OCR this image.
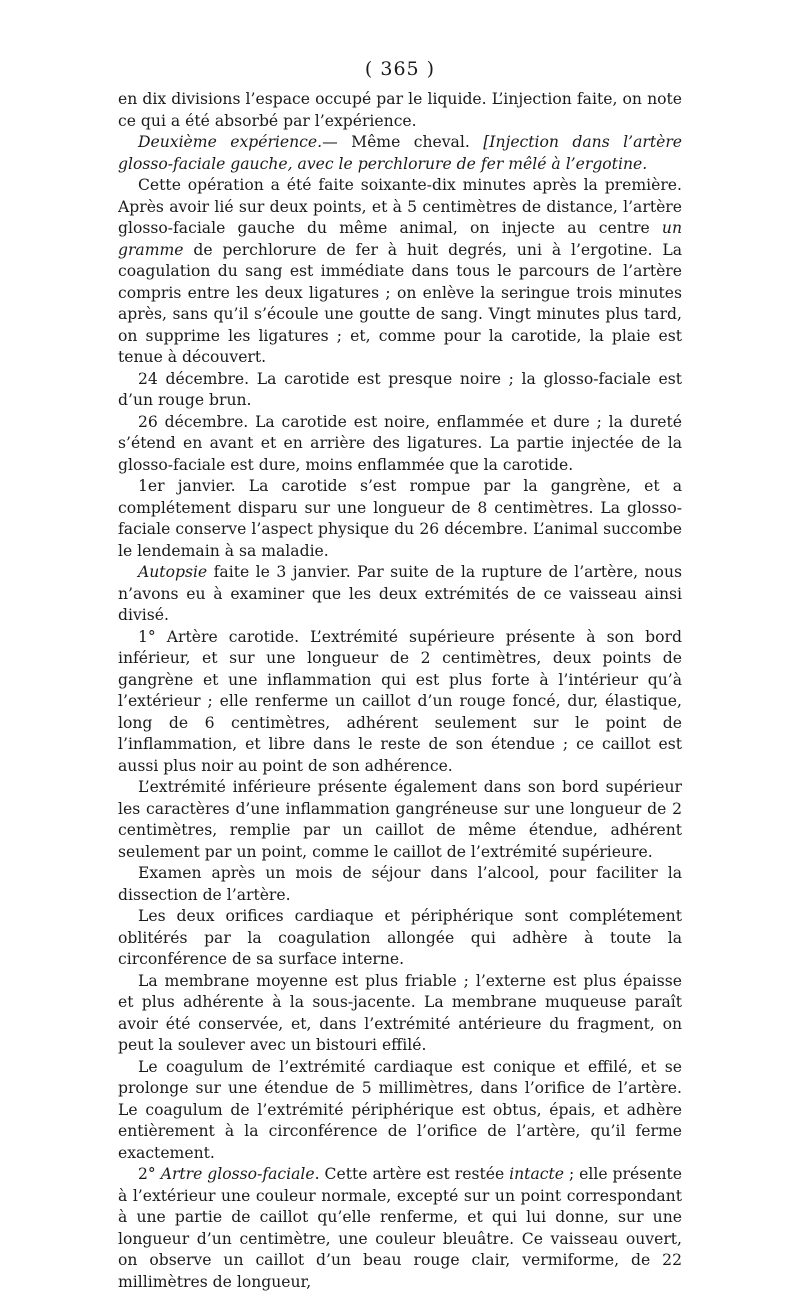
( 365 )

en dix divisions l’espace occupé par le liquide. L’injection faite, on note ce qui a été absorbé par l’expérience.

Deuxième expérience.— Même cheval. [Injection dans l’artère glosso-faciale gauche, avec le perchlorure de fer mêlé à l’ergotine.

Cette opération a été faite soixante-dix minutes après la première. Après avoir lié sur deux points, et à 5 centimètres de distance, l’artère glosso-faciale gauche du même animal, on injecte au centre un gramme de perchlorure de fer à huit degrés, uni à l’ergotine. La coagulation du sang est immédiate dans tous le parcours de l’artère compris entre les deux ligatures ; on enlève la seringue trois minutes après, sans qu’il s’écoule une goutte de sang. Vingt minutes plus tard, on supprime les ligatures ; et, comme pour la carotide, la plaie est tenue à découvert.

24 décembre. La carotide est presque noire ; la glosso-faciale est d’un rouge brun.

26 décembre. La carotide est noire, enflammée et dure ; la dureté s’étend en avant et en arrière des ligatures. La partie injectée de la glosso-faciale est dure, moins enflammée que la carotide.

1er janvier. La carotide s’est rompue par la gangrène, et a complétement disparu sur une longueur de 8 centimètres. La glosso-faciale conserve l’aspect physique du 26 décembre. L’animal succombe le lendemain à sa maladie.

Autopsie faite le 3 janvier. Par suite de la rupture de l’artère, nous n’avons eu à examiner que les deux extrémités de ce vaisseau ainsi divisé.

1° Artère carotide. L’extrémité supérieure présente à son bord inférieur, et sur une longueur de 2 centimètres, deux points de gangrène et une inflammation qui est plus forte à l’intérieur qu’à l’extérieur ; elle renferme un caillot d’un rouge foncé, dur, élastique, long de 6 centimètres, adhérent seulement sur le point de l’inflammation, et libre dans le reste de son étendue ; ce caillot est aussi plus noir au point de son adhérence.

L’extrémité inférieure présente également dans son bord supérieur les caractères d’une inflammation gangréneuse sur une longueur de 2 centimètres, remplie par un caillot de même étendue, adhérent seulement par un point, comme le caillot de l’extrémité supérieure.

Examen après un mois de séjour dans l’alcool, pour faciliter la dissection de l’artère.

Les deux orifices cardiaque et périphérique sont complétement oblitérés par la coagulation allongée qui adhère à toute la circonférence de sa surface interne.

La membrane moyenne est plus friable ; l’externe est plus épaisse et plus adhérente à la sous-jacente. La membrane muqueuse paraît avoir été conservée, et, dans l’extrémité antérieure du fragment, on peut la soulever avec un bistouri effilé.

Le coagulum de l’extrémité cardiaque est conique et effilé, et se prolonge sur une étendue de 5 millimètres, dans l’orifice de l’artère. Le coagulum de l’extrémité périphérique est obtus, épais, et adhère entièrement à la circonférence de l’orifice de l’artère, qu’il ferme exactement.

2° Artre glosso-faciale. Cette artère est restée intacte ; elle présente à l’extérieur une couleur normale, excepté sur un point correspondant à une partie de caillot qu’elle renferme, et qui lui donne, sur une longueur d’un centimètre, une couleur bleuâtre. Ce vaisseau ouvert, on observe un caillot d’un beau rouge clair, vermiforme, de 22 millimètres de longueur,
